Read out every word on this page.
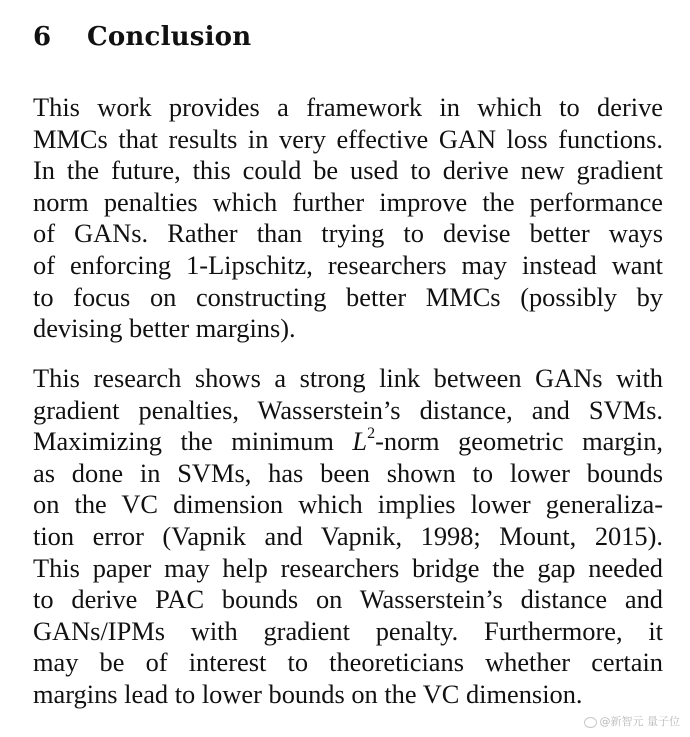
6 Conclusion
This work provides a framework in which to derive
MMCs that results in very effective GAN loss functions.
In the future, this could be used to derive new gradient
norm penalties which further improve the performance
of GANs. Rather than trying to devise better ways
of enforcing 1-Lipschitz, researchers may instead want
to focus on constructing better MMCs (possibly by
devising better margins).
This research shows a strong link between GANs with
gradient penalties, Wasserstein’s distance, and SVMs.
Maximizing the minimum $L^2$-norm geometric margin,
as done in SVMs, has been shown to lower bounds
on the VC dimension which implies lower generaliza-
tion error (Vapnik and Vapnik, 1998; Mount, 2015).
This paper may help researchers bridge the gap needed
to derive PAC bounds on Wasserstein’s distance and
GANs/IPMs with gradient penalty. Furthermore, it
may be of interest to theoreticians whether certain
margins lead to lower bounds on the VC dimension.
@新智元 量子位
